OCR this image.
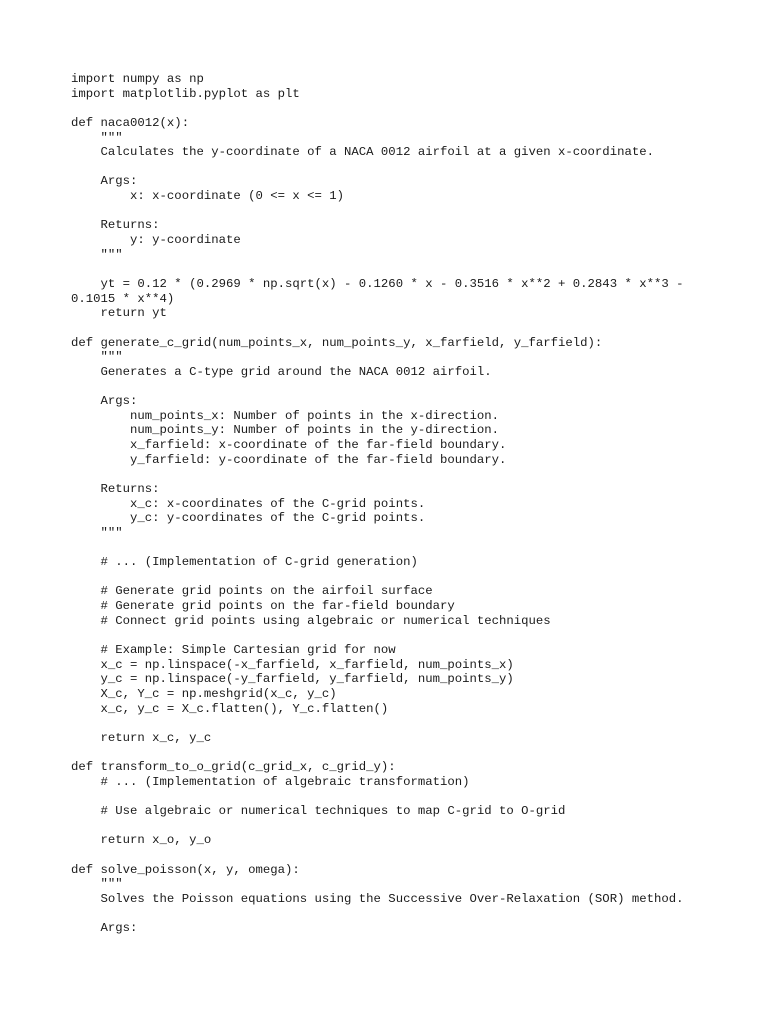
import numpy as np
import matplotlib.pyplot as plt
def naca0012(x):
"""
Calculates the y-coordinate of a NACA 0012 airfoil at a given x-coordinate.
Args:
x: x-coordinate (0 <= x <= 1)
Returns:
y: y-coordinate
"""
yt = 0.12 * (0.2969 * np.sqrt(x) - 0.1260 * x - 0.3516 * x**2 + 0.2843 * x**3 -
0.1015 * x**4)
return yt
def generate_c_grid(num_points_x, num_points_y, x_farfield, y_farfield):
"""
Generates a C-type grid around the NACA 0012 airfoil.
Args:
num_points_x: Number of points in the x-direction.
num_points_y: Number of points in the y-direction.
x_farfield: x-coordinate of the far-field boundary.
y_farfield: y-coordinate of the far-field boundary.
Returns:
x_c: x-coordinates of the C-grid points.
y_c: y-coordinates of the C-grid points.
"""
# ... (Implementation of C-grid generation)
# Generate grid points on the airfoil surface
# Generate grid points on the far-field boundary
# Connect grid points using algebraic or numerical techniques
# Example: Simple Cartesian grid for now
x_c = np.linspace(-x_farfield, x_farfield, num_points_x)
y_c = np.linspace(-y_farfield, y_farfield, num_points_y)
X_c, Y_c = np.meshgrid(x_c, y_c)
x_c, y_c = X_c.flatten(), Y_c.flatten()
return x_c, y_c
def transform_to_o_grid(c_grid_x, c_grid_y):
# ... (Implementation of algebraic transformation)
# Use algebraic or numerical techniques to map C-grid to O-grid
return x_o, y_o
def solve_poisson(x, y, omega):
"""
Solves the Poisson equations using the Successive Over-Relaxation (SOR) method.
Args:
